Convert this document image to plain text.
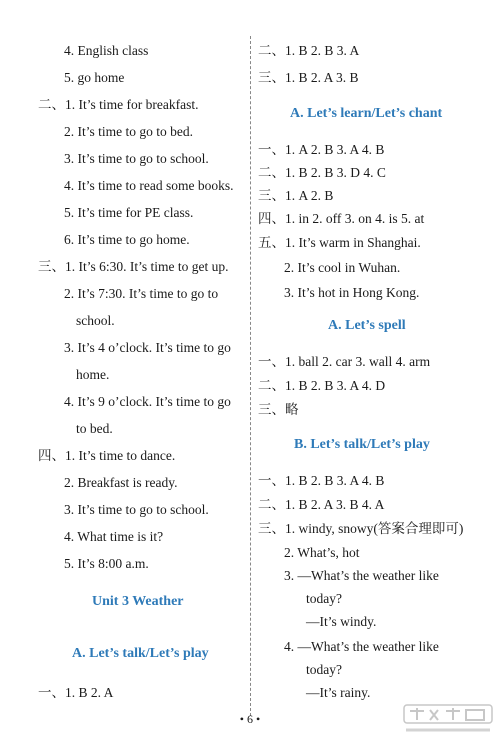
4. English class
5. go home
二、1. It’s time for breakfast.
2. It’s time to go to bed.
3. It’s time to go to school.
4. It’s time to read some books.
5. It’s time for PE class.
6. It’s time to go home.
三、1. It’s 6:30. It’s time to get up.
2. It’s 7:30. It’s time to go to
school.
3. It’s 4 o’clock. It’s time to go
home.
4. It’s 9 o’clock. It’s time to go
to bed.
四、1. It’s time to dance.
2. Breakfast is ready.
3. It’s time to go to school.
4. What time is it?
5. It’s 8:00 a.m.
Unit 3 Weather
A. Let’s talk/Let’s play
一、1. B 2. A
二、1. B 2. B 3. A
三、1. B 2. A 3. B
A. Let’s learn/Let’s chant
一、1. A 2. B 3. A 4. B
二、1. B 2. B 3. D 4. C
三、1. A 2. B
四、1. in 2. off 3. on 4. is 5. at
五、1. It’s warm in Shanghai.
2. It’s cool in Wuhan.
3. It’s hot in Hong Kong.
A. Let’s spell
一、1. ball 2. car 3. wall 4. arm
二、1. B 2. B 3. A 4. D
三、略
B. Let’s talk/Let’s play
一、1. B 2. B 3. A 4. B
二、1. B 2. A 3. B 4. A
三、1. windy, snowy(答案合理即可)
2. What’s, hot
3. —What’s the weather like
today?
—It’s windy.
4. —What’s the weather like
today?
—It’s rainy.
• 6 •
